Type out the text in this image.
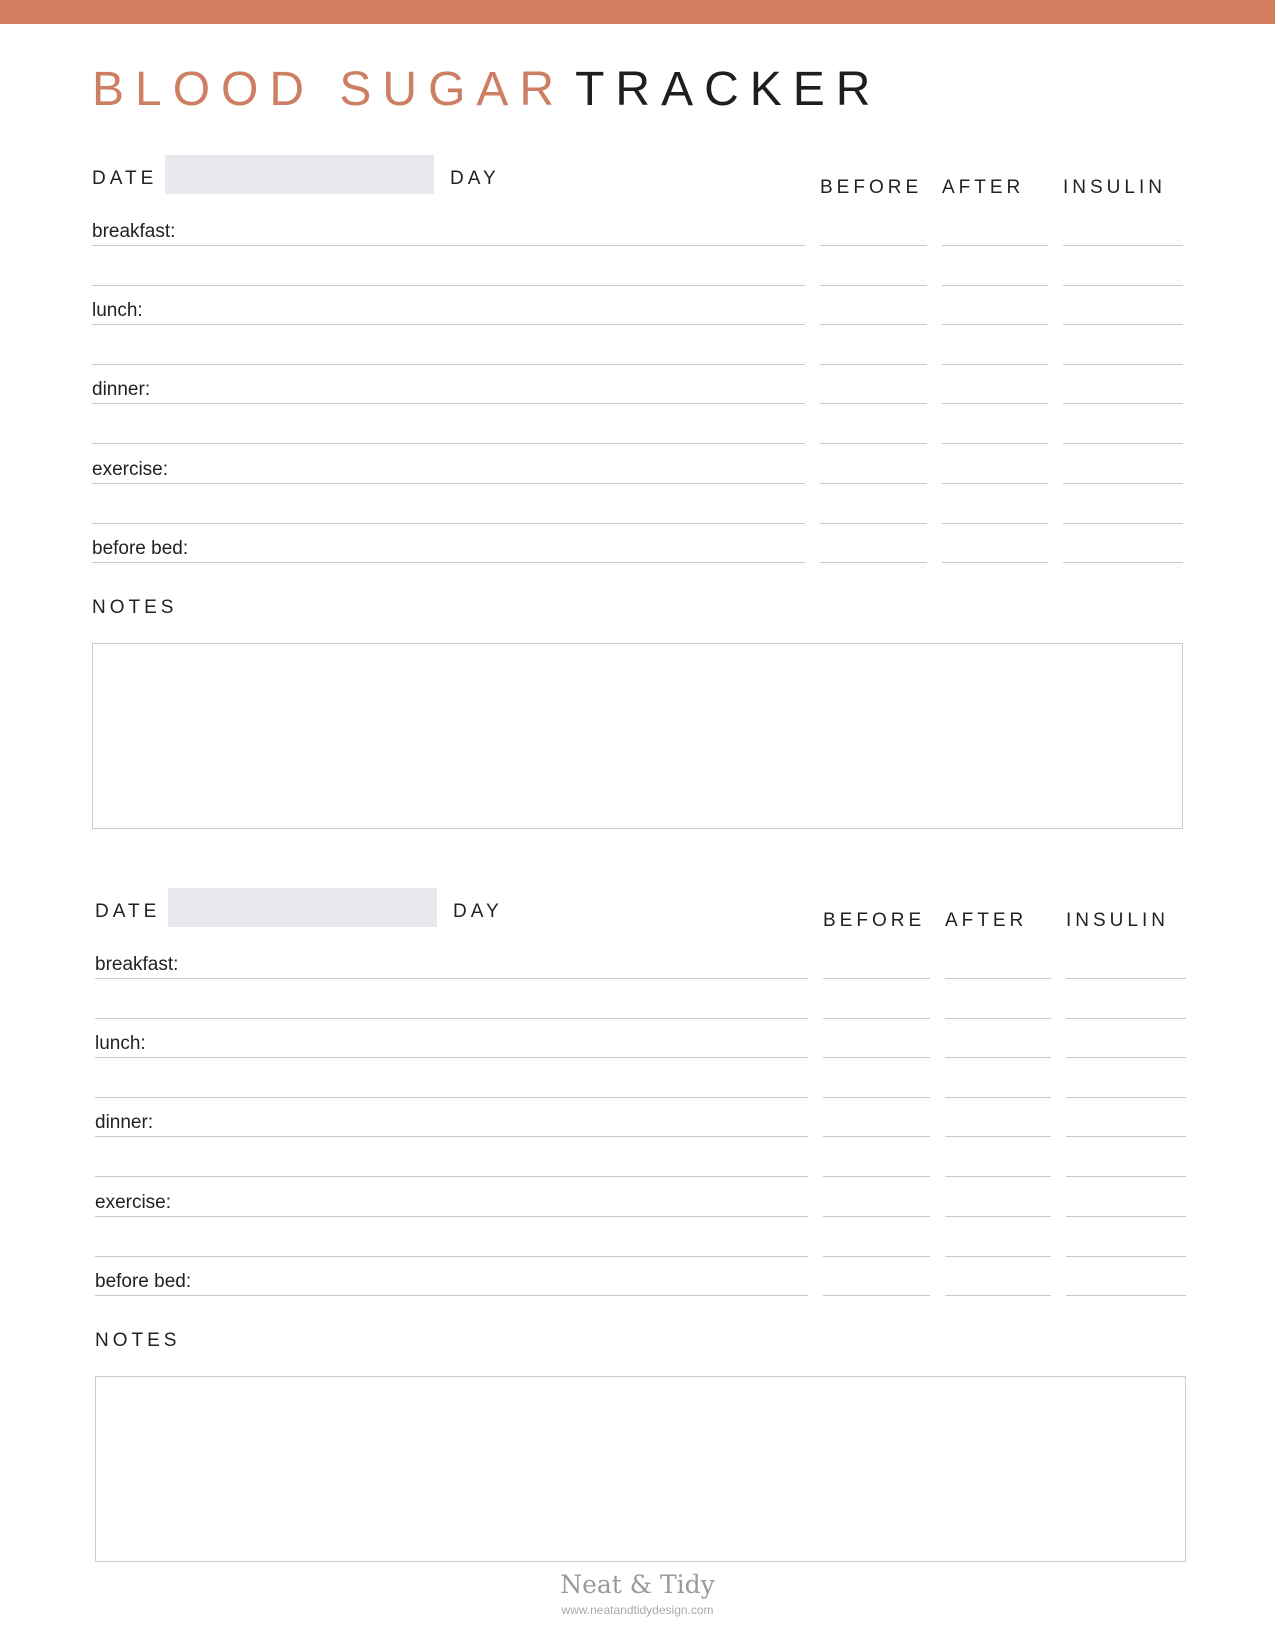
BLOOD SUGAR TRACKER
DATE	DAY	BEFORE AFTER INSULIN
breakfast:
lunch:
dinner:
exercise:
before bed:
NOTES
DATE	DAY	BEFORE AFTER INSULIN
breakfast:
lunch:
dinner:
exercise:
before bed:
NOTES
Neat & Tidy
www.neatandtidydesign.com
